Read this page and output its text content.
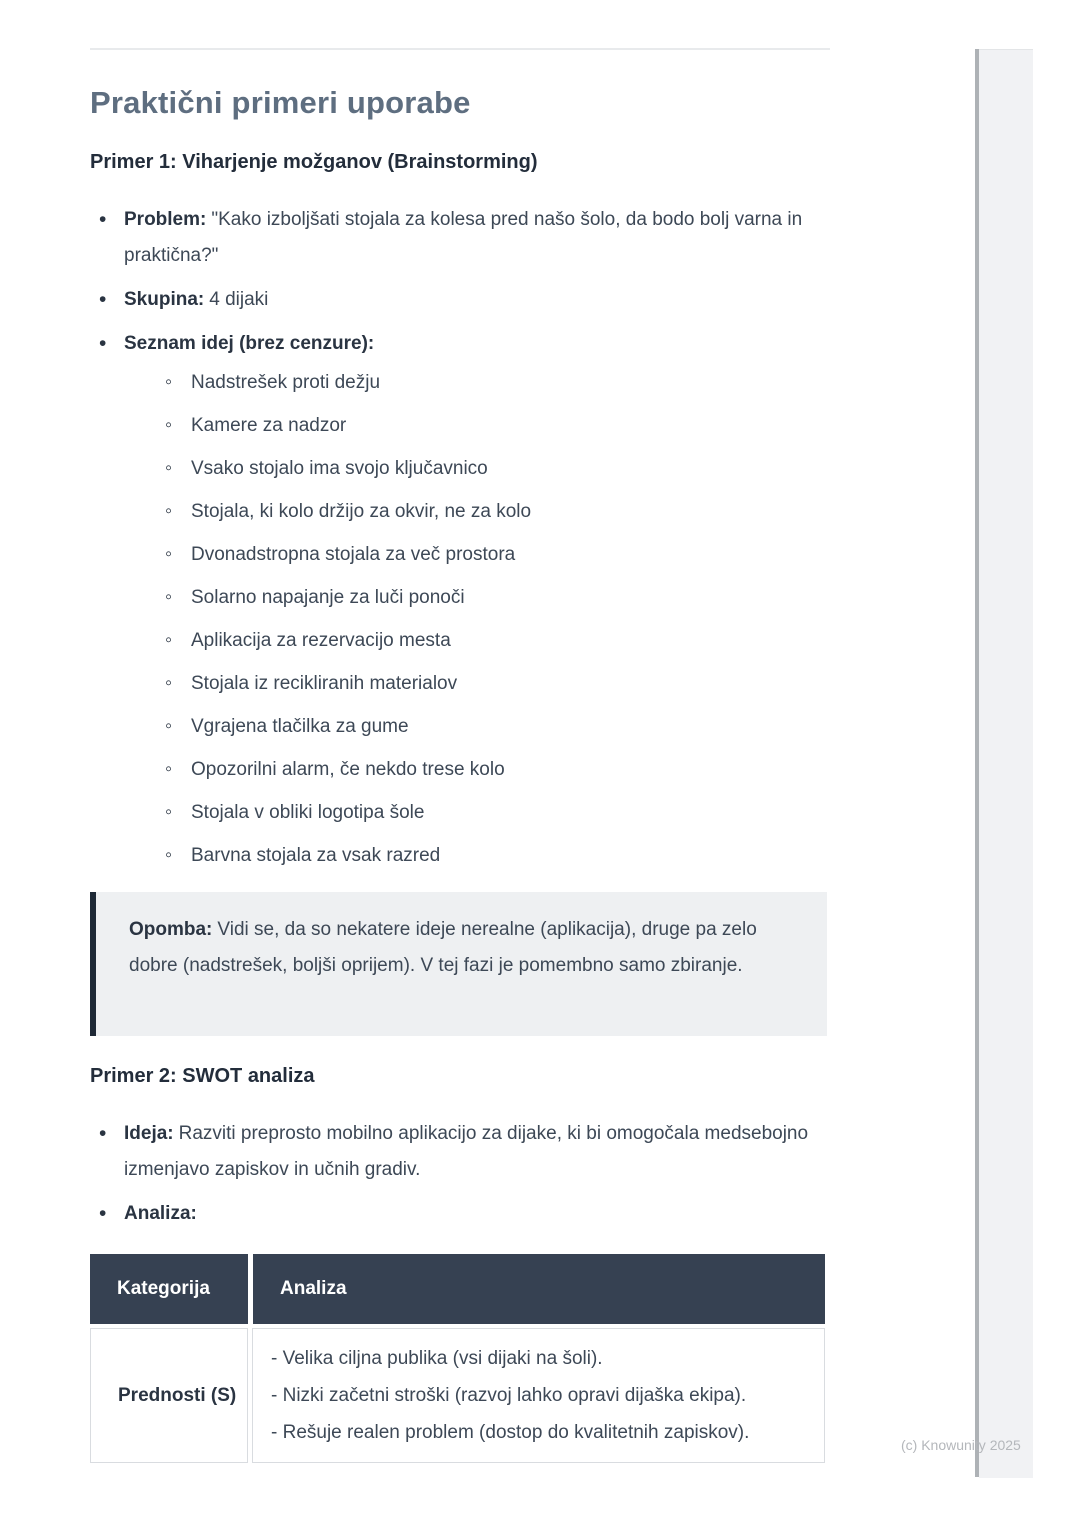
Praktični primeri uporabe
Primer 1: Viharjenje možganov (Brainstorming)
• Problem: "Kako izboljšati stojala za kolesa pred našo šolo, da bodo bolj varna in praktična?"
• Skupina: 4 dijaki
• Seznam idej (brez cenzure):
◦ Nadstrešek proti dežju
◦ Kamere za nadzor
◦ Vsako stojalo ima svojo ključavnico
◦ Stojala, ki kolo držijo za okvir, ne za kolo
◦ Dvonadstropna stojala za več prostora
◦ Solarno napajanje za luči ponoči
◦ Aplikacija za rezervacijo mesta
◦ Stojala iz recikliranih materialov
◦ Vgrajena tlačilka za gume
◦ Opozorilni alarm, če nekdo trese kolo
◦ Stojala v obliki logotipa šole
◦ Barvna stojala za vsak razred

Opomba: Vidi se, da so nekatere ideje nerealne (aplikacija), druge pa zelo dobre (nadstrešek, boljši oprijem). V tej fazi je pomembno samo zbiranje.

Primer 2: SWOT analiza
• Ideja: Razviti preprosto mobilno aplikacijo za dijake, ki bi omogočala medsebojno izmenjavo zapiskov in učnih gradiv.
• Analiza:
Kategorija	Analiza
Prednosti (S)
- Velika ciljna publika (vsi dijaki na šoli).
- Nizki začetni stroški (razvoj lahko opravi dijaška ekipa).
- Rešuje realen problem (dostop do kvalitetnih zapiskov).
(c) Knowunity 2025
